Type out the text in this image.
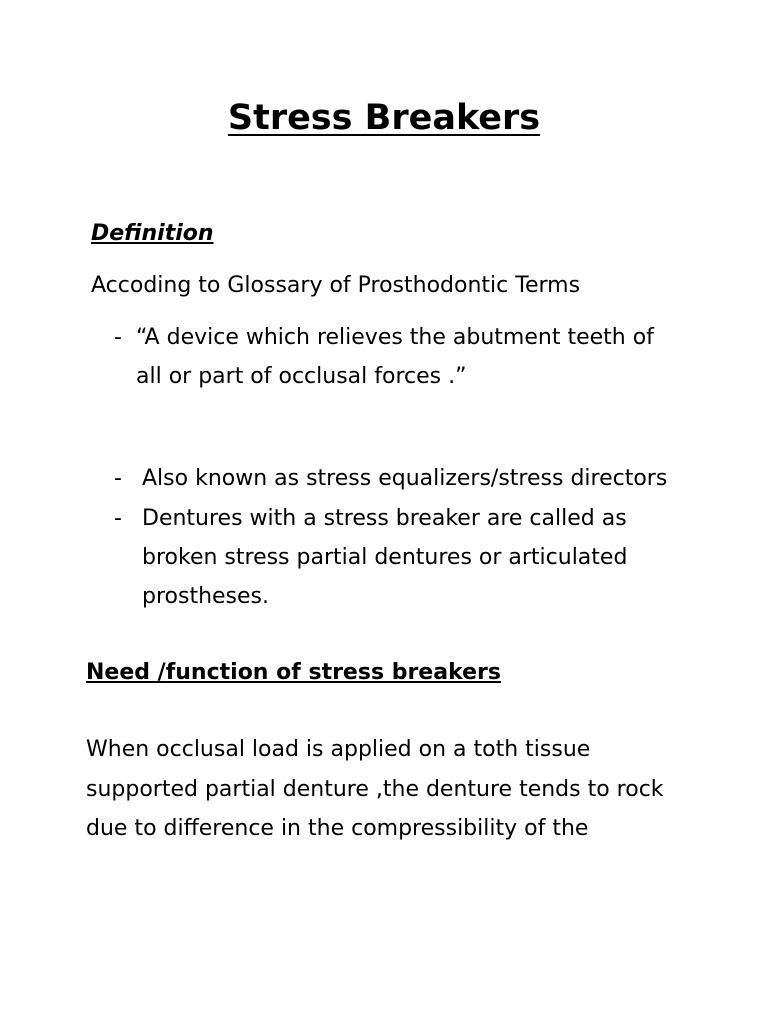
Stress Breakers
Definition
Accoding to Glossary of Prosthodontic Terms
- “A device which relieves the abutment teeth of
all or part of occlusal forces .”
- Also known as stress equalizers/stress directors
- Dentures with a stress breaker are called as
broken stress partial dentures or articulated
prostheses.
Need /function of stress breakers
When occlusal load is applied on a toth tissue
supported partial denture ,the denture tends to rock
due to difference in the compressibility of the
